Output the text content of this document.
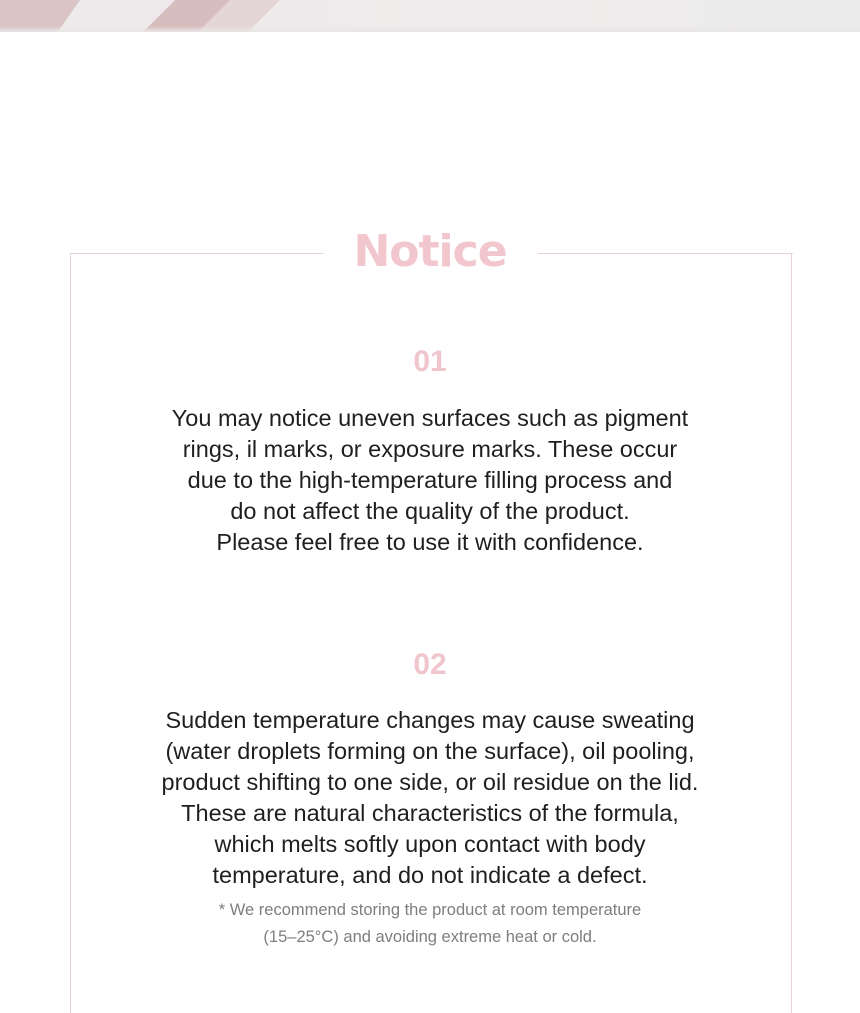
Notice
01
You may notice uneven surfaces such as pigment
rings, il marks, or exposure marks. These occur
due to the high-temperature filling process and
do not affect the quality of the product.
Please feel free to use it with confidence.
02
Sudden temperature changes may cause sweating
(water droplets forming on the surface), oil pooling,
product shifting to one side, or oil residue on the lid.
These are natural characteristics of the formula,
which melts softly upon contact with body
temperature, and do not indicate a defect.
* We recommend storing the product at room temperature
(15–25°C) and avoiding extreme heat or cold.
